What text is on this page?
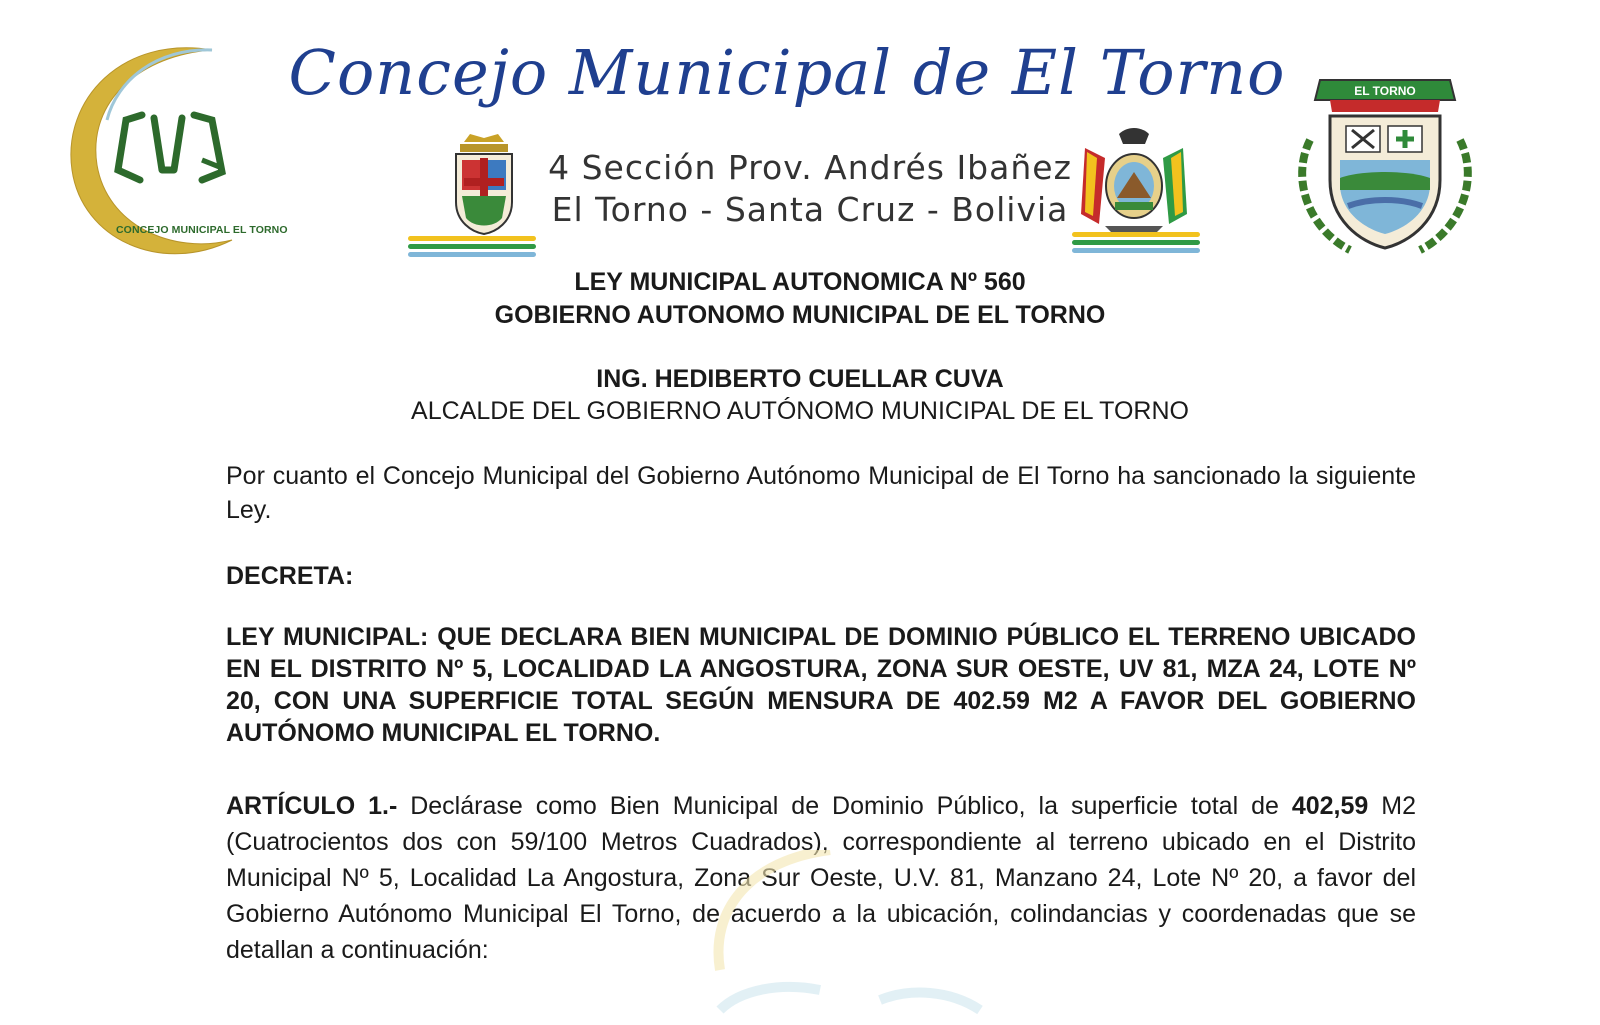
CONCEJO MUNICIPAL EL TORNO
Concejo Municipal de El Torno
4 Sección Prov. Andrés Ibañez
El Torno - Santa Cruz - Bolivia
EL TORNO
LEY MUNICIPAL AUTONOMICA Nº 560
GOBIERNO AUTONOMO MUNICIPAL DE EL TORNO
ING. HEDIBERTO CUELLAR CUVA
ALCALDE DEL GOBIERNO AUTÓNOMO MUNICIPAL DE EL TORNO
Por cuanto el Concejo Municipal del Gobierno Autónomo Municipal de El Torno ha sancionado la siguiente Ley.
DECRETA:
LEY MUNICIPAL: QUE DECLARA BIEN MUNICIPAL DE DOMINIO PÚBLICO EL TERRENO UBICADO EN EL DISTRITO Nº 5, LOCALIDAD LA ANGOSTURA, ZONA SUR OESTE, UV 81, MZA 24, LOTE Nº 20, CON UNA SUPERFICIE TOTAL SEGÚN MENSURA DE 402.59 M2 A FAVOR DEL GOBIERNO AUTÓNOMO MUNICIPAL EL TORNO.
ARTÍCULO 1.- Declárase como Bien Municipal de Dominio Público, la superficie total de 402,59 M2 (Cuatrocientos dos con 59/100 Metros Cuadrados), correspondiente al terreno ubicado en el Distrito Municipal Nº 5, Localidad La Angostura, Zona Sur Oeste, U.V. 81, Manzano 24, Lote Nº 20, a favor del Gobierno Autónomo Municipal El Torno, de acuerdo a la ubicación, colindancias y coordenadas que se detallan a continuación:
